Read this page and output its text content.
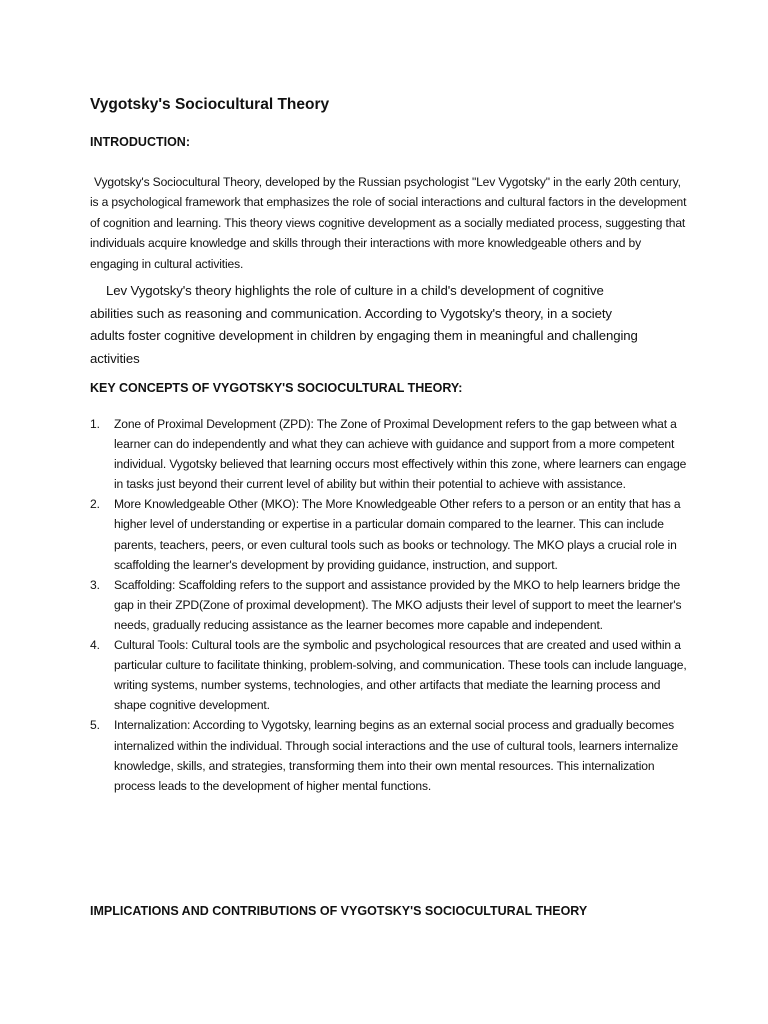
Vygotsky's Sociocultural Theory
INTRODUCTION:

Vygotsky's Sociocultural Theory, developed by the Russian psychologist "Lev Vygotsky" in the early 20th century, is a psychological framework that emphasizes the role of social interactions and cultural factors in the development of cognition and learning. This theory views cognitive development as a socially mediated process, suggesting that individuals acquire knowledge and skills through their interactions with more knowledgeable others and by engaging in cultural activities.

Lev Vygotsky's theory highlights the role of culture in a child's development of cognitive abilities such as reasoning and communication. According to Vygotsky's theory, in a society adults foster cognitive development in children by engaging them in meaningful and challenging activities

KEY CONCEPTS OF VYGOTSKY'S SOCIOCULTURAL THEORY:
1. Zone of Proximal Development (ZPD): The Zone of Proximal Development refers to the gap between what a learner can do independently and what they can achieve with guidance and support from a more competent individual. Vygotsky believed that learning occurs most effectively within this zone, where learners can engage in tasks just beyond their current level of ability but within their potential to achieve with assistance.
2. More Knowledgeable Other (MKO): The More Knowledgeable Other refers to a person or an entity that has a higher level of understanding or expertise in a particular domain compared to the learner. This can include parents, teachers, peers, or even cultural tools such as books or technology. The MKO plays a crucial role in scaffolding the learner's development by providing guidance, instruction, and support.
3. Scaffolding: Scaffolding refers to the support and assistance provided by the MKO to help learners bridge the gap in their ZPD(Zone of proximal development). The MKO adjusts their level of support to meet the learner's needs, gradually reducing assistance as the learner becomes more capable and independent.
4. Cultural Tools: Cultural tools are the symbolic and psychological resources that are created and used within a particular culture to facilitate thinking, problem-solving, and communication. These tools can include language, writing systems, number systems, technologies, and other artifacts that mediate the learning process and shape cognitive development.
5. Internalization: According to Vygotsky, learning begins as an external social process and gradually becomes internalized within the individual. Through social interactions and the use of cultural tools, learners internalize knowledge, skills, and strategies, transforming them into their own mental resources. This internalization process leads to the development of higher mental functions.
IMPLICATIONS AND CONTRIBUTIONS OF VYGOTSKY'S SOCIOCULTURAL THEORY
